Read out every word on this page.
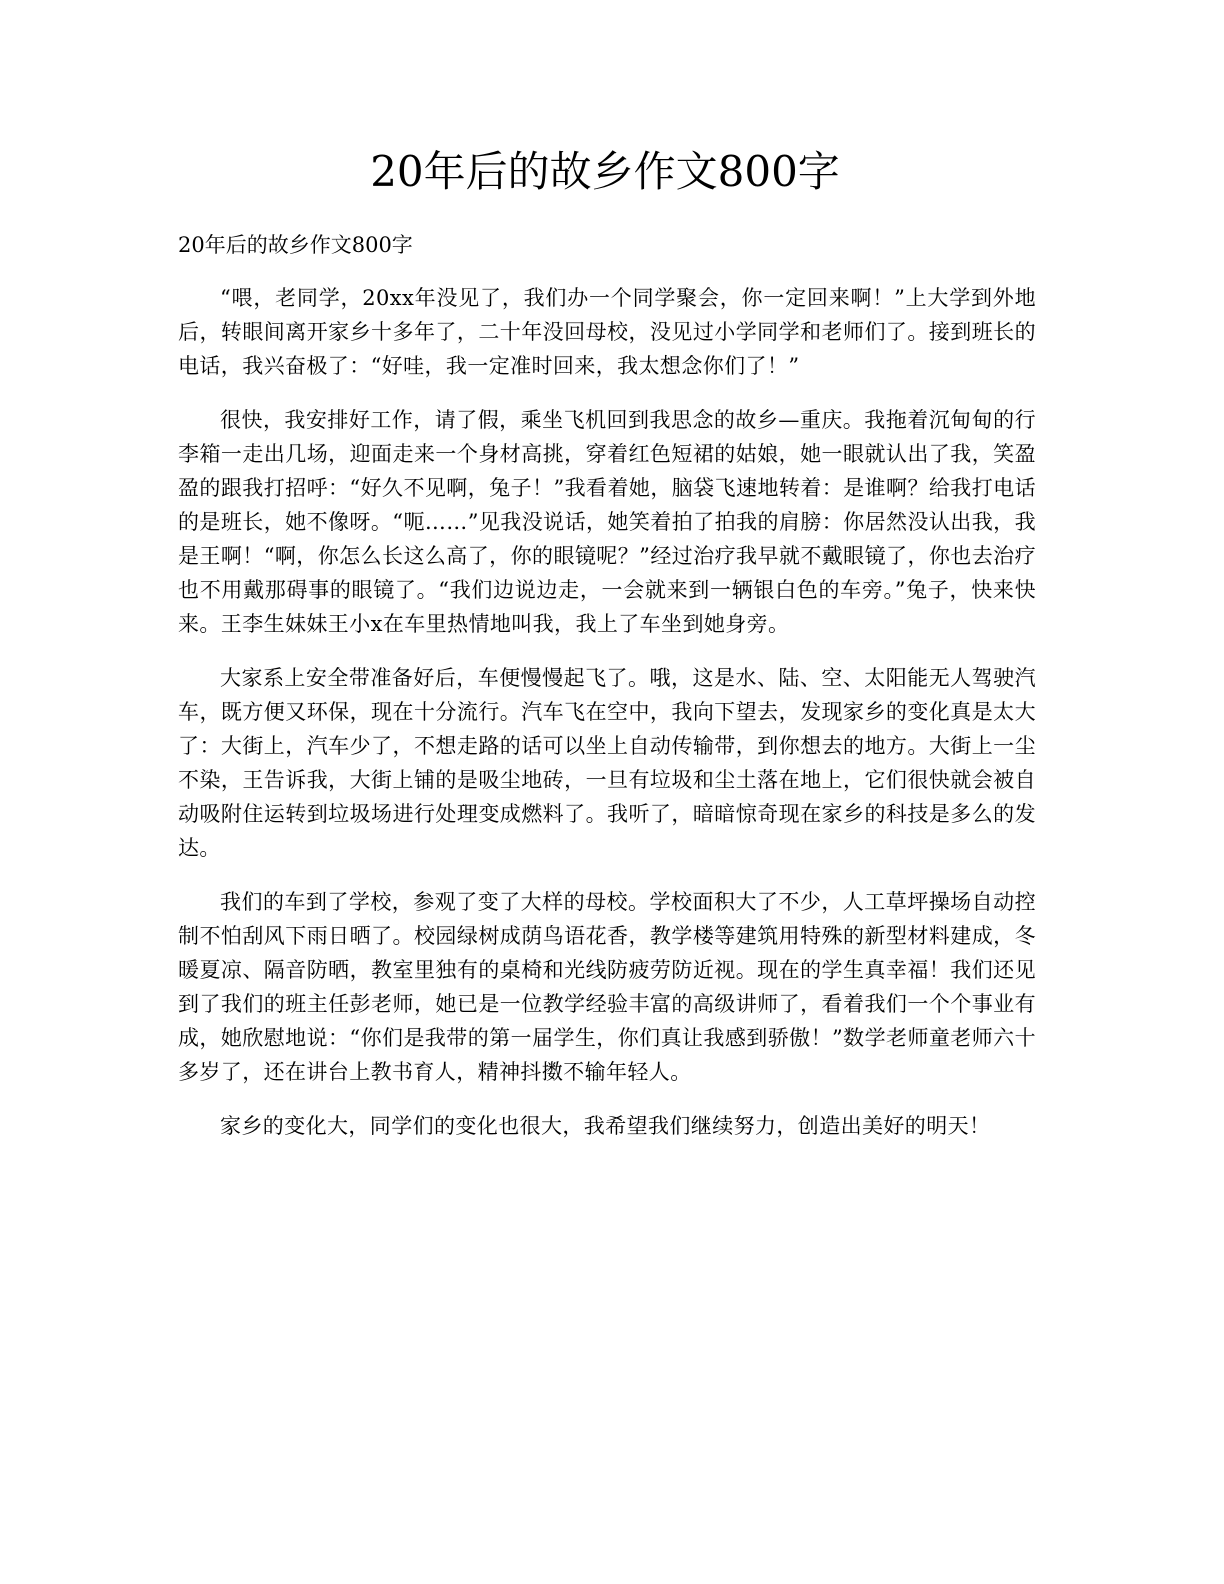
20年后的故乡作文800字

20年后的故乡作文800字

“喂，老同学，20xx年没见了，我们办一个同学聚会，你一定回来啊！”上大学到外地后，转眼间离开家乡十多年了，二十年没回母校，没见过小学同学和老师们了。接到班长的电话，我兴奋极了：“好哇，我一定准时回来，我太想念你们了！”

很快，我安排好工作，请了假，乘坐飞机回到我思念的故乡—重庆。我拖着沉甸甸的行李箱一走出几场，迎面走来一个身材高挑，穿着红色短裙的姑娘，她一眼就认出了我，笑盈盈的跟我打招呼：“好久不见啊，兔子！”我看着她，脑袋飞速地转着：是谁啊？给我打电话的是班长，她不像呀。“呃……”见我没说话，她笑着拍了拍我的肩膀：你居然没认出我，我是王啊！“啊，你怎么长这么高了，你的眼镜呢？”经过治疗我早就不戴眼镜了，你也去治疗也不用戴那碍事的眼镜了。“我们边说边走，一会就来到一辆银白色的车旁。”兔子，快来快来。王李生妹妹王小x在车里热情地叫我，我上了车坐到她身旁。

大家系上安全带准备好后，车便慢慢起飞了。哦，这是水、陆、空、太阳能无人驾驶汽车，既方便又环保，现在十分流行。汽车飞在空中，我向下望去，发现家乡的变化真是太大了：大街上，汽车少了，不想走路的话可以坐上自动传输带，到你想去的地方。大街上一尘不染，王告诉我，大街上铺的是吸尘地砖，一旦有垃圾和尘土落在地上，它们很快就会被自动吸附住运转到垃圾场进行处理变成燃料了。我听了，暗暗惊奇现在家乡的科技是多么的发达。

我们的车到了学校，参观了变了大样的母校。学校面积大了不少，人工草坪操场自动控制不怕刮风下雨日晒了。校园绿树成荫鸟语花香，教学楼等建筑用特殊的新型材料建成，冬暖夏凉、隔音防晒，教室里独有的桌椅和光线防疲劳防近视。现在的学生真幸福！我们还见到了我们的班主任彭老师，她已是一位教学经验丰富的高级讲师了，看着我们一个个事业有成，她欣慰地说：“你们是我带的第一届学生，你们真让我感到骄傲！”数学老师童老师六十多岁了，还在讲台上教书育人，精神抖擞不输年轻人。

家乡的变化大，同学们的变化也很大，我希望我们继续努力，创造出美好的明天！
